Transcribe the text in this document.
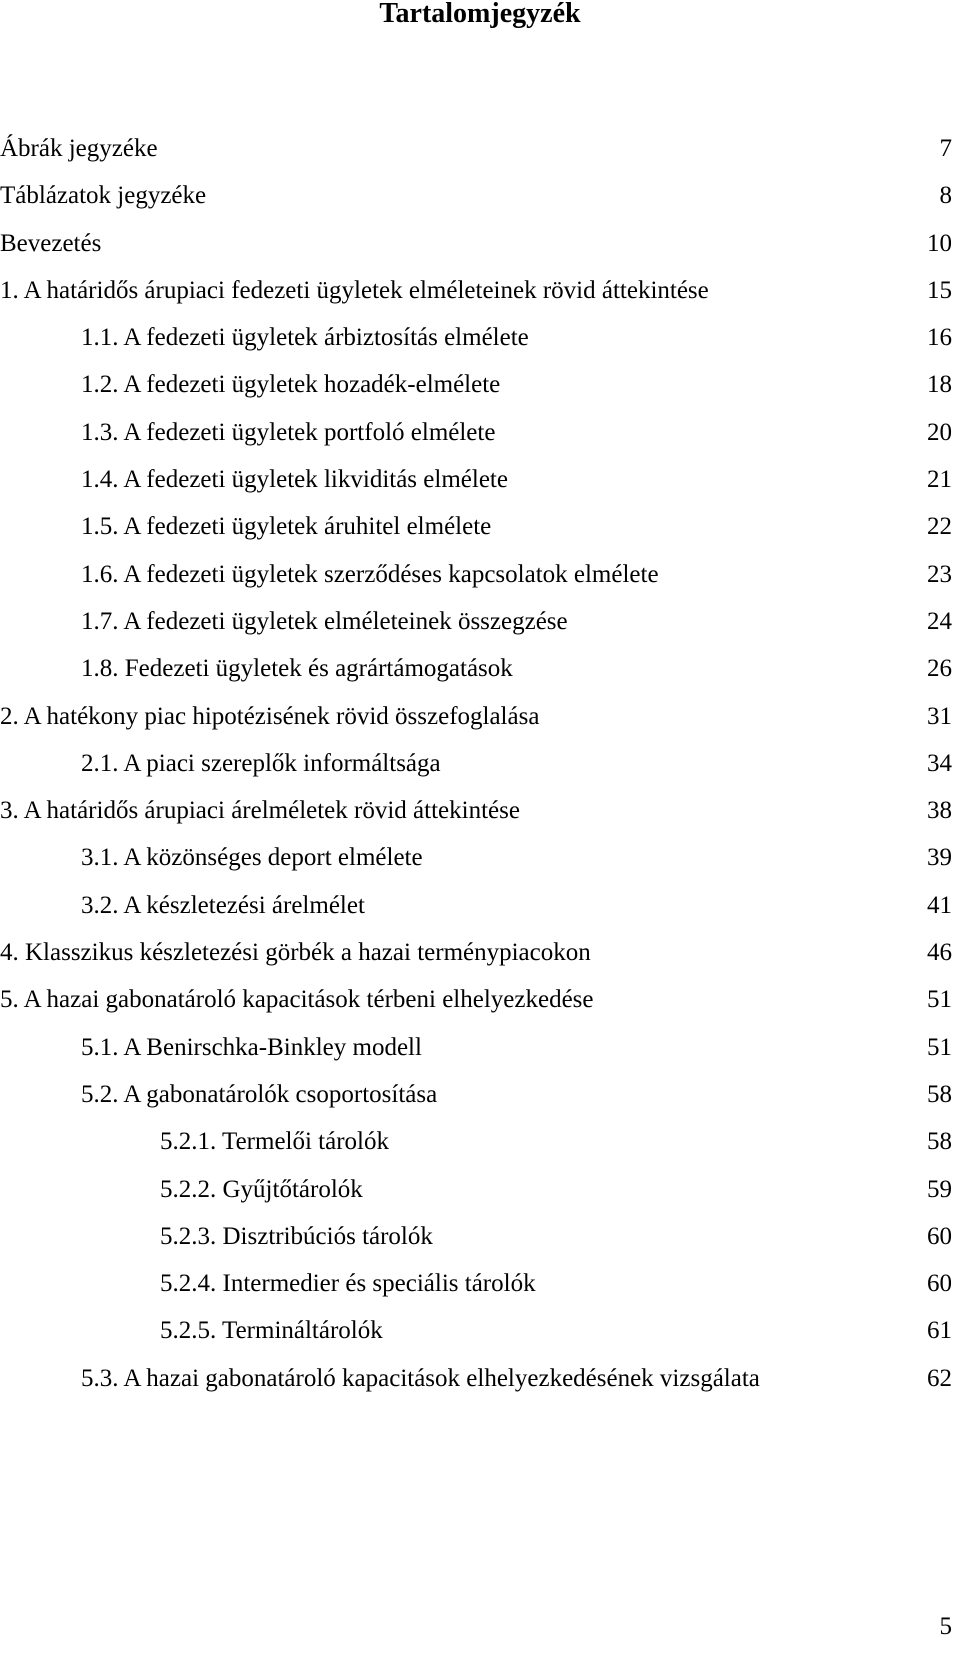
Tartalomjegyzék
Ábrák jegyzéke	7
Táblázatok jegyzéke	8
Bevezetés	10
1. A határidős árupiaci fedezeti ügyletek elméleteinek rövid áttekintése	15
1.1. A fedezeti ügyletek árbiztosítás elmélete	16
1.2. A fedezeti ügyletek hozadék-elmélete	18
1.3. A fedezeti ügyletek portfoló elmélete	20
1.4. A fedezeti ügyletek likviditás elmélete	21
1.5. A fedezeti ügyletek áruhitel elmélete	22
1.6. A fedezeti ügyletek szerződéses kapcsolatok elmélete	23
1.7. A fedezeti ügyletek elméleteinek összegzése	24
1.8. Fedezeti ügyletek és agrártámogatások	26
2. A hatékony piac hipotézisének rövid összefoglalása	31
2.1. A piaci szereplők informáltsága	34
3. A határidős árupiaci árelméletek rövid áttekintése	38
3.1. A közönséges deport elmélete	39
3.2. A készletezési árelmélet	41
4. Klasszikus készletezési görbék a hazai terménypiacokon	46
5. A hazai gabonatároló kapacitások térbeni elhelyezkedése	51
5.1. A Benirschka-Binkley modell	51
5.2. A gabonatárolók csoportosítása	58
5.2.1. Termelői tárolók	58
5.2.2. Gyűjtőtárolók	59
5.2.3. Disztribúciós tárolók	60
5.2.4. Intermedier és speciális tárolók	60
5.2.5. Termináltárolók	61
5.3. A hazai gabonatároló kapacitások elhelyezkedésének vizsgálata	62
5
